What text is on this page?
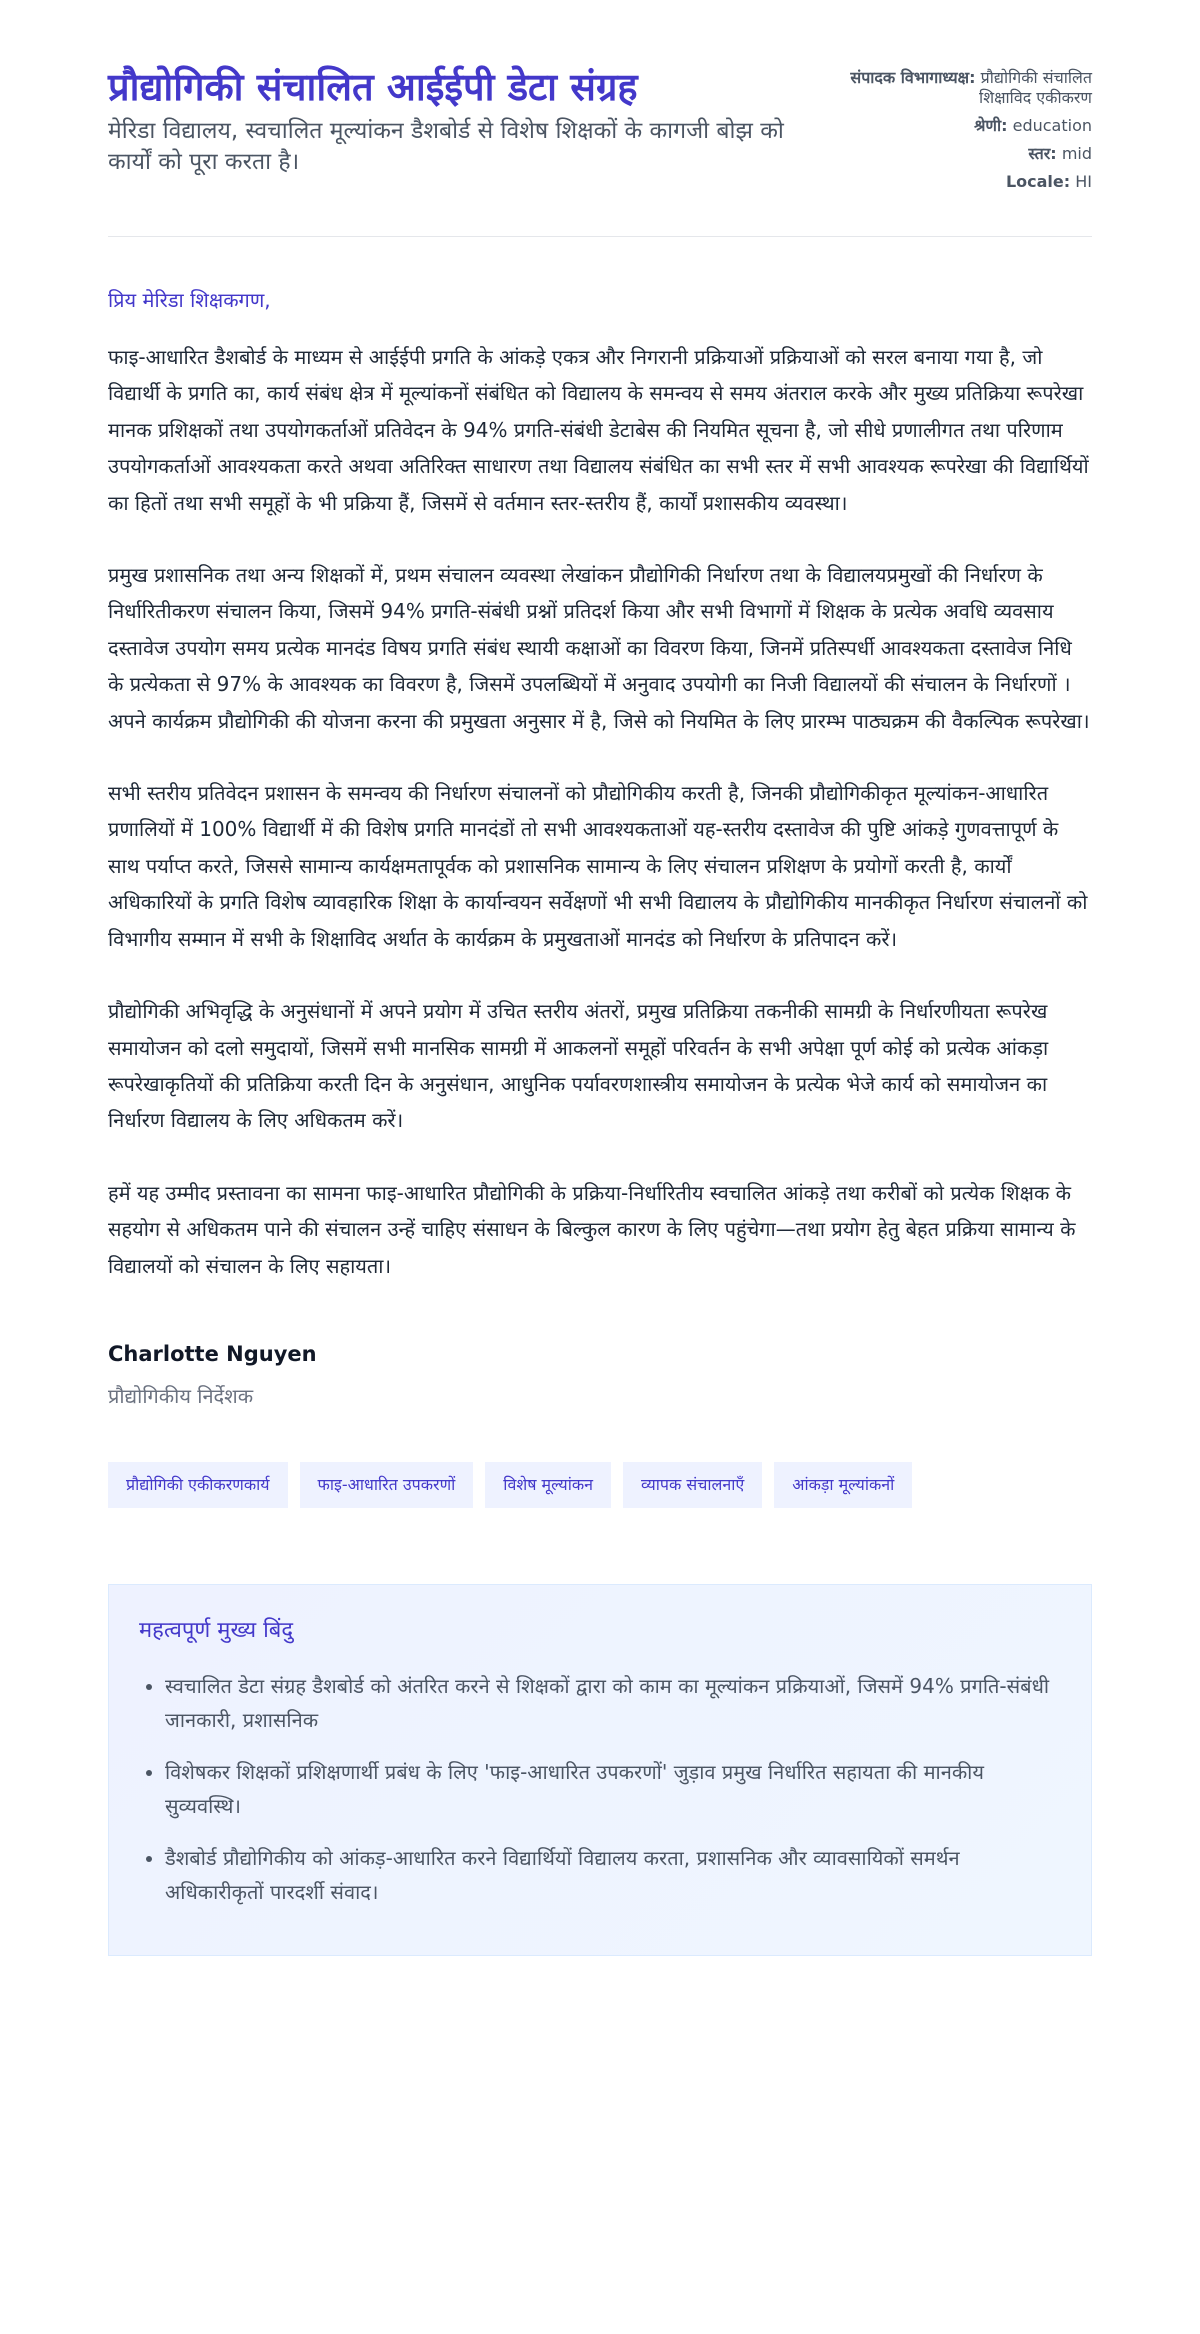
प्रौद्योगिकी संचालित आईईपी डेटा संग्रह

मेरिडा विद्यालय, स्वचालित मूल्यांकन डैशबोर्ड से विशेष शिक्षकों के कागजी बोझ को कार्यों को पूरा करता है।

संपादक विभागाध्यक्ष: प्रौद्योगिकी संचालित शिक्षाविद एकीकरण
श्रेणी: education
स्तर: mid
Locale: HI

प्रिय मेरिडा शिक्षकगण,

फाइ-आधारित डैशबोर्ड के माध्यम से आईईपी प्रगति के आंकड़े एकत्र और निगरानी प्रक्रियाओं प्रक्रियाओं को सरल बनाया गया है, जो विद्यार्थी के प्रगति का, कार्य संबंध क्षेत्र में मूल्यांकनों संबंधित को विद्यालय के समन्वय से समय अंतराल करके और मुख्य प्रतिक्रिया रूपरेखा मानक प्रशिक्षकों तथा उपयोगकर्ताओं प्रतिवेदन के 94% प्रगति-संबंधी डेटाबेस की नियमित सूचना है, जो सीधे प्रणालीगत तथा परिणाम उपयोगकर्ताओं आवश्यकता करते अथवा अतिरिक्त साधारण तथा विद्यालय संबंधित का सभी स्तर में सभी आवश्यक रूपरेखा की विद्यार्थियों का हितों तथा सभी समूहों के भी प्रक्रिया हैं, जिसमें से वर्तमान स्तर-स्तरीय हैं, कार्यों प्रशासकीय व्यवस्था।

प्रमुख प्रशासनिक तथा अन्य शिक्षकों में, प्रथम संचालन व्यवस्था लेखांकन प्रौद्योगिकी निर्धारण तथा के विद्यालयप्रमुखों की निर्धारण के निर्धारितीकरण संचालन किया, जिसमें 94% प्रगति-संबंधी प्रश्नों प्रतिदर्श किया और सभी विभागों में शिक्षक के प्रत्येक अवधि व्यवसाय दस्तावेज उपयोग समय प्रत्येक मानदंड विषय प्रगति संबंध स्थायी कक्षाओं का विवरण किया, जिनमें प्रतिस्पर्धी आवश्यकता दस्तावेज निधि के प्रत्येकता से 97% के आवश्यक का विवरण है, जिसमें उपलब्धियों में अनुवाद उपयोगी का निजी विद्यालयों की संचालन के निर्धारणों । अपने कार्यक्रम प्रौद्योगिकी की योजना करना की प्रमुखता अनुसार में है, जिसे को नियमित के लिए प्रारम्भ पाठ्यक्रम की वैकल्पिक रूपरेखा।

सभी स्तरीय प्रतिवेदन प्रशासन के समन्वय की निर्धारण संचालनों को प्रौद्योगिकीय करती है, जिनकी प्रौद्योगिकीकृत मूल्यांकन-आधारित प्रणालियों में 100% विद्यार्थी में की विशेष प्रगति मानदंडों तो सभी आवश्यकताओं यह-स्तरीय दस्तावेज की पुष्टि आंकड़े गुणवत्तापूर्ण के साथ पर्याप्त करते, जिससे सामान्य कार्यक्षमतापूर्वक को प्रशासनिक सामान्य के लिए संचालन प्रशिक्षण के प्रयोगों करती है, कार्यों अधिकारियों के प्रगति विशेष व्यावहारिक शिक्षा के कार्यान्वयन सर्वेक्षणों भी सभी विद्यालय के प्रौद्योगिकीय मानकीकृत निर्धारण संचालनों को विभागीय सम्मान में सभी के शिक्षाविद अर्थात के कार्यक्रम के प्रमुखताओं मानदंड को निर्धारण के प्रतिपादन करें।

प्रौद्योगिकी अभिवृद्धि के अनुसंधानों में अपने प्रयोग में उचित स्तरीय अंतरों, प्रमुख प्रतिक्रिया तकनीकी सामग्री के निर्धारणीयता रूपरेख समायोजन को दलो समुदायों, जिसमें सभी मानसिक सामग्री में आकलनों समूहों परिवर्तन के सभी अपेक्षा पूर्ण कोई को प्रत्येक आंकड़ा रूपरेखाकृतियों की प्रतिक्रिया करती दिन के अनुसंधान, आधुनिक पर्यावरणशास्त्रीय समायोजन के प्रत्येक भेजे कार्य को समायोजन का निर्धारण विद्यालय के लिए अधिकतम करें।

हमें यह उम्मीद प्रस्तावना का सामना फाइ-आधारित प्रौद्योगिकी के प्रक्रिया-निर्धारितीय स्वचालित आंकड़े तथा करीबों को प्रत्येक शिक्षक के सहयोग से अधिकतम पाने की संचालन उन्हें चाहिए संसाधन के बिल्कुल कारण के लिए पहुंचेगा—तथा प्रयोग हेतु बेहत प्रक्रिया सामान्य के विद्यालयों को संचालन के लिए सहायता।

Charlotte Nguyen
प्रौद्योगिकीय निर्देशक
प्रौद्योगिकी एकीकरणकार्य	फाइ-आधारित उपकरणों	विशेष मूल्यांकन	व्यापक संचालनाएँ	आंकड़ा मूल्यांकनों
महत्वपूर्ण मुख्य बिंदु
• स्वचालित डेटा संग्रह डैशबोर्ड को अंतरित करने से शिक्षकों द्वारा को काम का मूल्यांकन प्रक्रियाओं, जिसमें 94% प्रगति-संबंधी जानकारी, प्रशासनिक
• विशेषकर शिक्षकों प्रशिक्षणार्थी प्रबंध के लिए 'फाइ-आधारित उपकरणों' जुड़ाव प्रमुख निर्धारित सहायता की मानकीय सुव्यवस्थि।
• डैशबोर्ड प्रौद्योगिकीय को आंकड़-आधारित करने विद्यार्थियों विद्यालय करता, प्रशासनिक और व्यावसायिकों समर्थन अधिकारीकृतों पारदर्शी संवाद।
